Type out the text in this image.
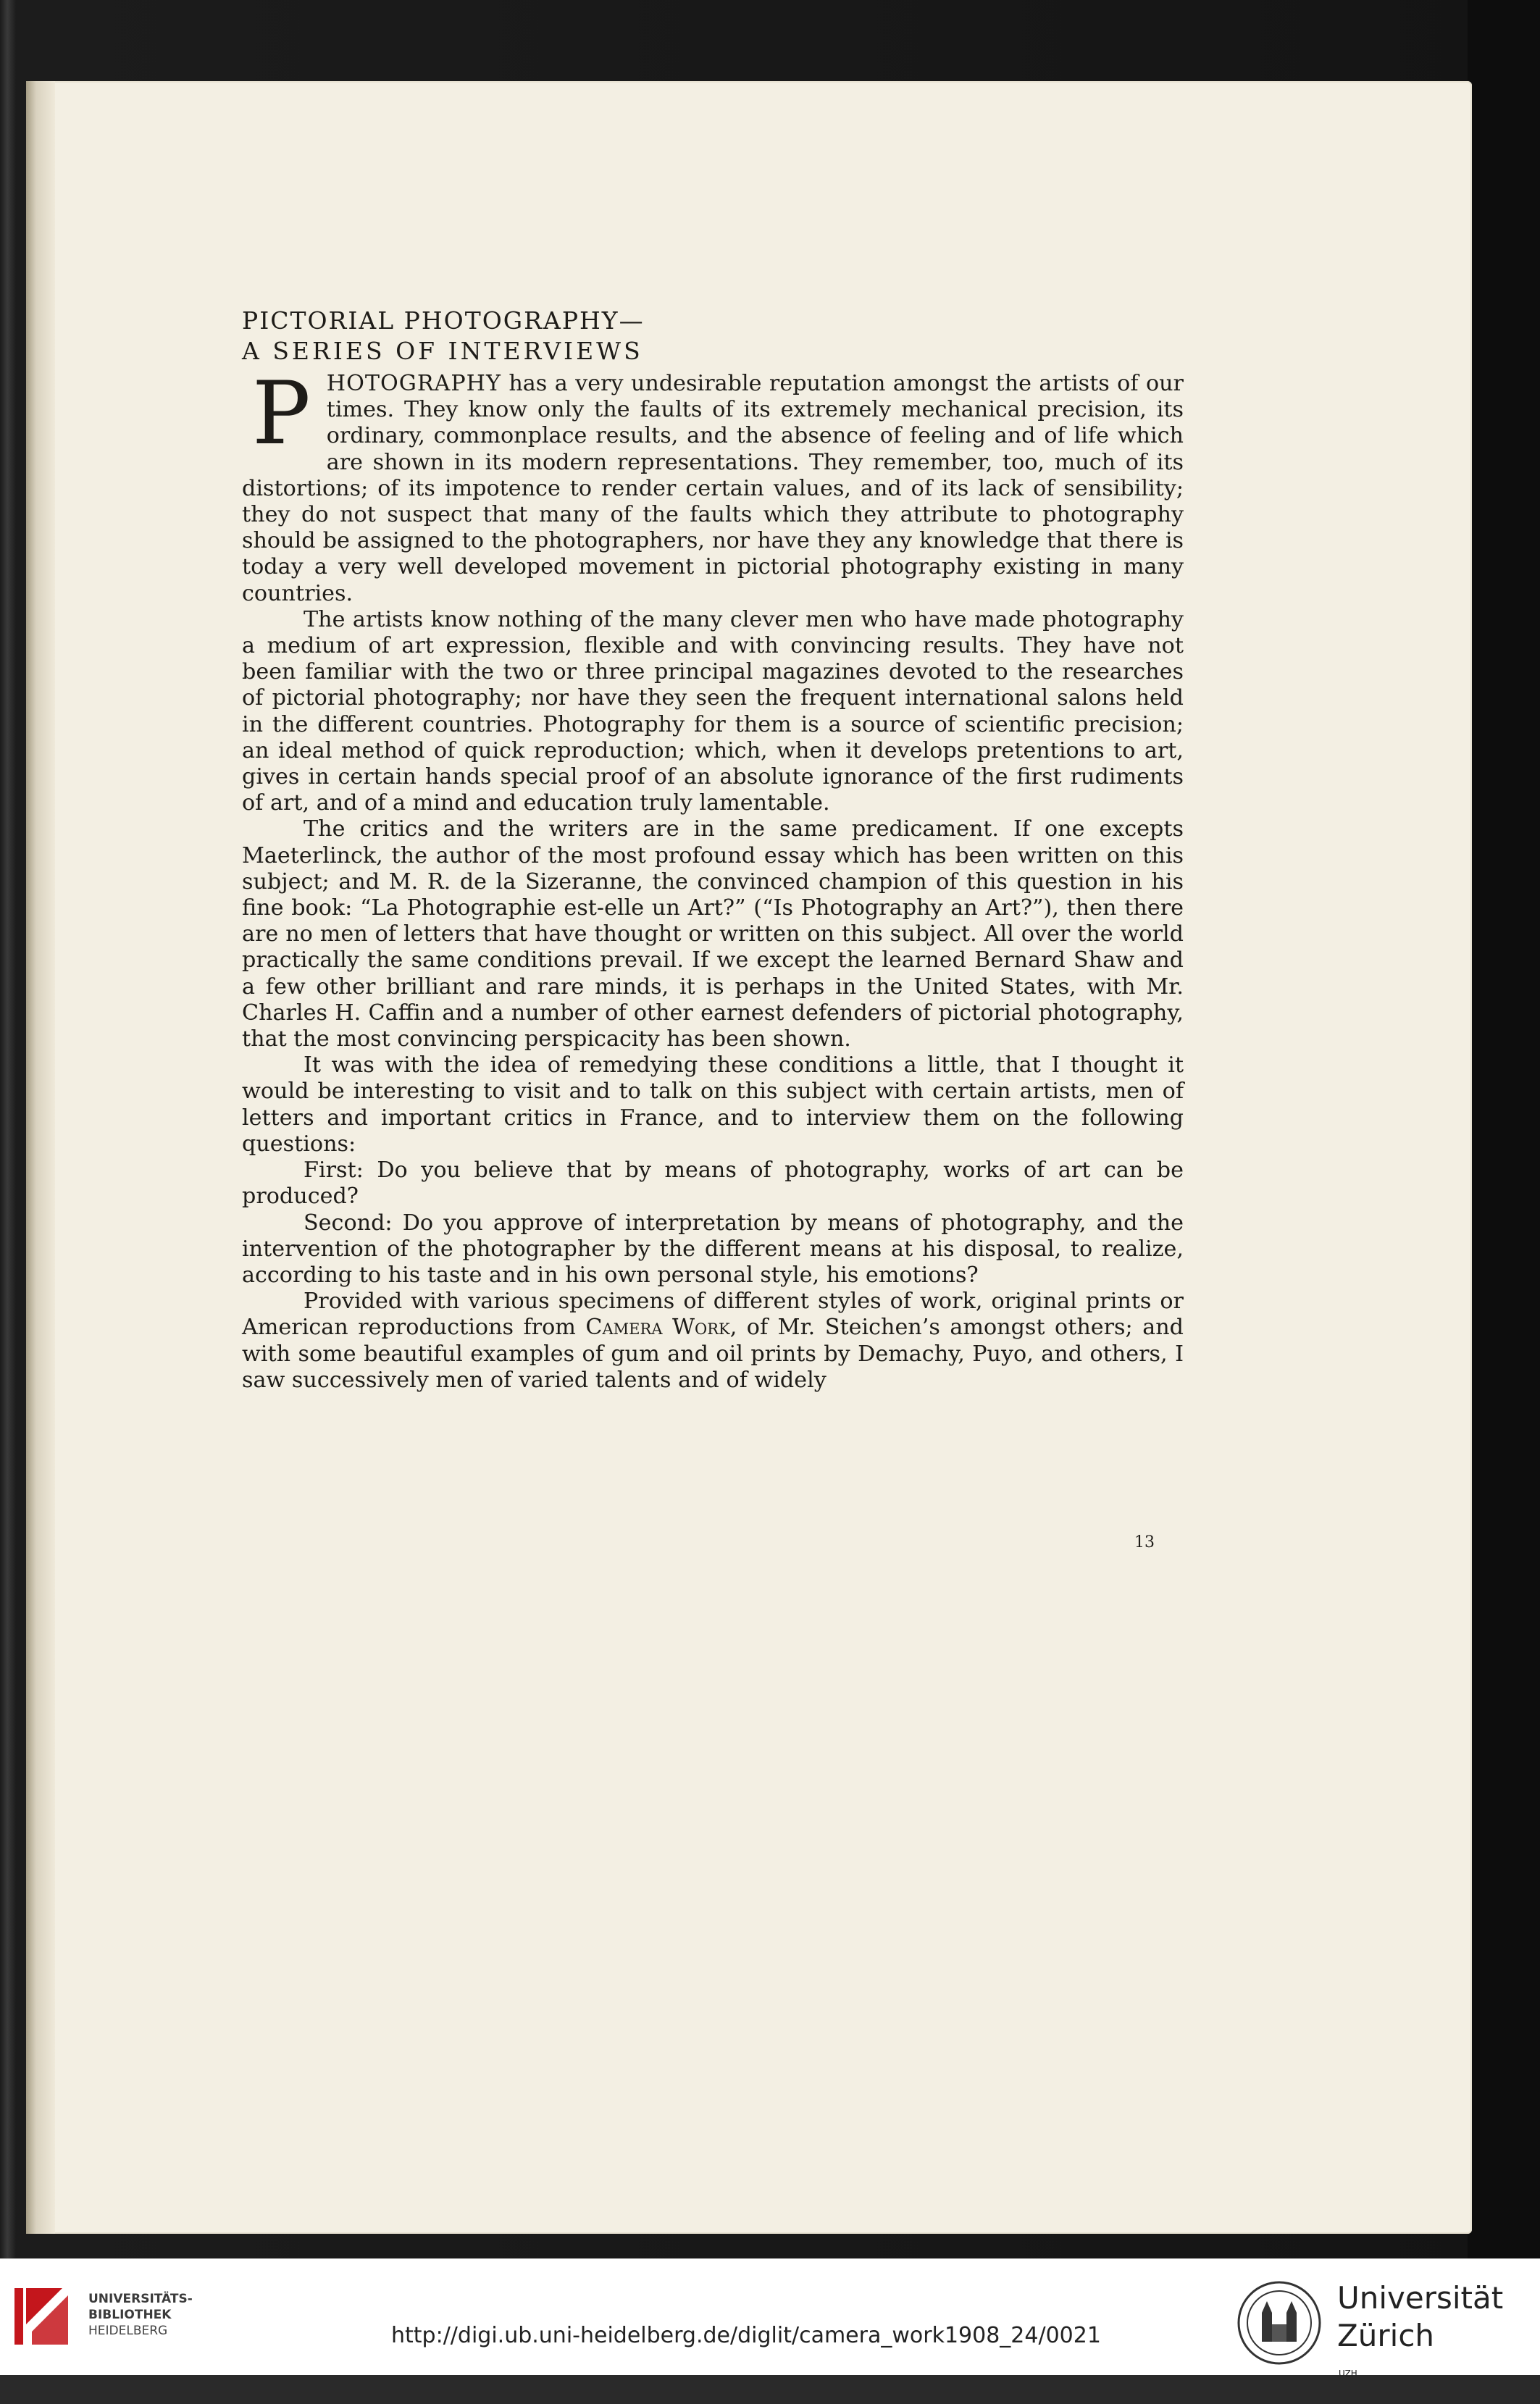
PICTORIAL PHOTOGRAPHY—
A SERIES OF INTERVIEWS

PHOTOGRAPHY has a very undesirable reputation amongst the artists of our times. They know only the faults of its extremely mechanical precision, its ordinary, commonplace results, and the absence of feeling and of life which are shown in its modern representations. They remember, too, much of its distortions; of its impotence to render certain values, and of its lack of sensibility; they do not suspect that many of the faults which they attribute to photography should be assigned to the photographers, nor have they any knowledge that there is today a very well developed movement in pictorial photography existing in many countries.

The artists know nothing of the many clever men who have made photography a medium of art expression, flexible and with convincing results. They have not been familiar with the two or three principal magazines devoted to the researches of pictorial photography; nor have they seen the frequent international salons held in the different countries. Photography for them is a source of scientific precision; an ideal method of quick reproduction; which, when it develops pretentions to art, gives in certain hands special proof of an absolute ignorance of the first rudiments of art, and of a mind and education truly lamentable.

The critics and the writers are in the same predicament. If one excepts Maeterlinck, the author of the most profound essay which has been written on this subject; and M. R. de la Sizeranne, the convinced champion of this question in his fine book: “La Photographie est-elle un Art?” (“Is Photography an Art?”), then there are no men of letters that have thought or written on this subject. All over the world practically the same conditions prevail. If we except the learned Bernard Shaw and a few other brilliant and rare minds, it is perhaps in the United States, with Mr. Charles H. Caffin and a number of other earnest defenders of pictorial photography, that the most convincing perspicacity has been shown.

It was with the idea of remedying these conditions a little, that I thought it would be interesting to visit and to talk on this subject with certain artists, men of letters and important critics in France, and to interview them on the following questions:

First: Do you believe that by means of photography, works of art can be produced?

Second: Do you approve of interpretation by means of photography, and the intervention of the photographer by the different means at his disposal, to realize, according to his taste and in his own personal style, his emotions?

Provided with various specimens of different styles of work, original prints or American reproductions from Camera Work, of Mr. Steichen’s amongst others; and with some beautiful examples of gum and oil prints by Demachy, Puyo, and others, I saw successively men of varied talents and of widely

13
UNIVERSITÄTS-
BIBLIOTHEK
HEIDELBERG	http://digi.ub.uni-heidelberg.de/diglit/camera_work1908_24/0021
Universität
Zürich
$^{UZH}$
